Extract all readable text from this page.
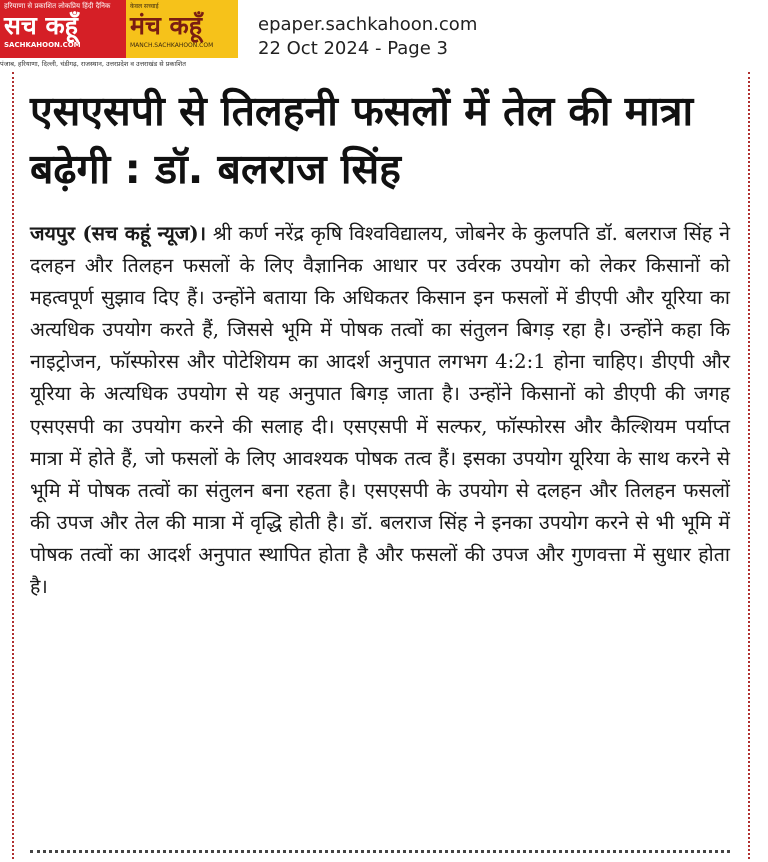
हरियाणा से प्रकाशित लोकप्रिय हिंदी दैनिक
सच कहूँ
SACHKAHOON.COM
केवल सच्चाई
मंच कहूँ
MANCH.SACHKAHOON.COM
पंजाब, हरियाणा, दिल्ली, चंडीगढ़, राजस्थान, उत्तरप्रदेश व उत्तराखंड से प्रकाशित
epaper.sachkahoon.com
22 Oct 2024 - Page 3
एसएसपी से तिलहनी फसलों में तेल की मात्रा बढ़ेगी : डॉ. बलराज सिंह

जयपुर (सच कहूं न्यूज)। श्री कर्ण नरेंद्र कृषि विश्वविद्यालय, जोबनेर के कुलपति डॉ. बलराज सिंह ने दलहन और तिलहन फसलों के लिए वैज्ञानिक आधार पर उर्वरक उपयोग को लेकर किसानों को महत्वपूर्ण सुझाव दिए हैं। उन्होंने बताया कि अधिकतर किसान इन फसलों में डीएपी और यूरिया का अत्यधिक उपयोग करते हैं, जिससे भूमि में पोषक तत्वों का संतुलन बिगड़ रहा है। उन्होंने कहा कि नाइट्रोजन, फॉस्फोरस और पोटेशियम का आदर्श अनुपात लगभग 4:2:1 होना चाहिए। डीएपी और यूरिया के अत्यधिक उपयोग से यह अनुपात बिगड़ जाता है। उन्होंने किसानों को डीएपी की जगह एसएसपी का उपयोग करने की सलाह दी। एसएसपी में सल्फर, फॉस्फोरस और कैल्शियम पर्याप्त मात्रा में होते हैं, जो फसलों के लिए आवश्यक पोषक तत्व हैं। इसका उपयोग यूरिया के साथ करने से भूमि में पोषक तत्वों का संतुलन बना रहता है। एसएसपी के उपयोग से दलहन और तिलहन फसलों की उपज और तेल की मात्रा में वृद्धि होती है। डॉ. बलराज सिंह ने इनका उपयोग करने से भी भूमि में पोषक तत्वों का आदर्श अनुपात स्थापित होता है और फसलों की उपज और गुणवत्ता में सुधार होता है।
